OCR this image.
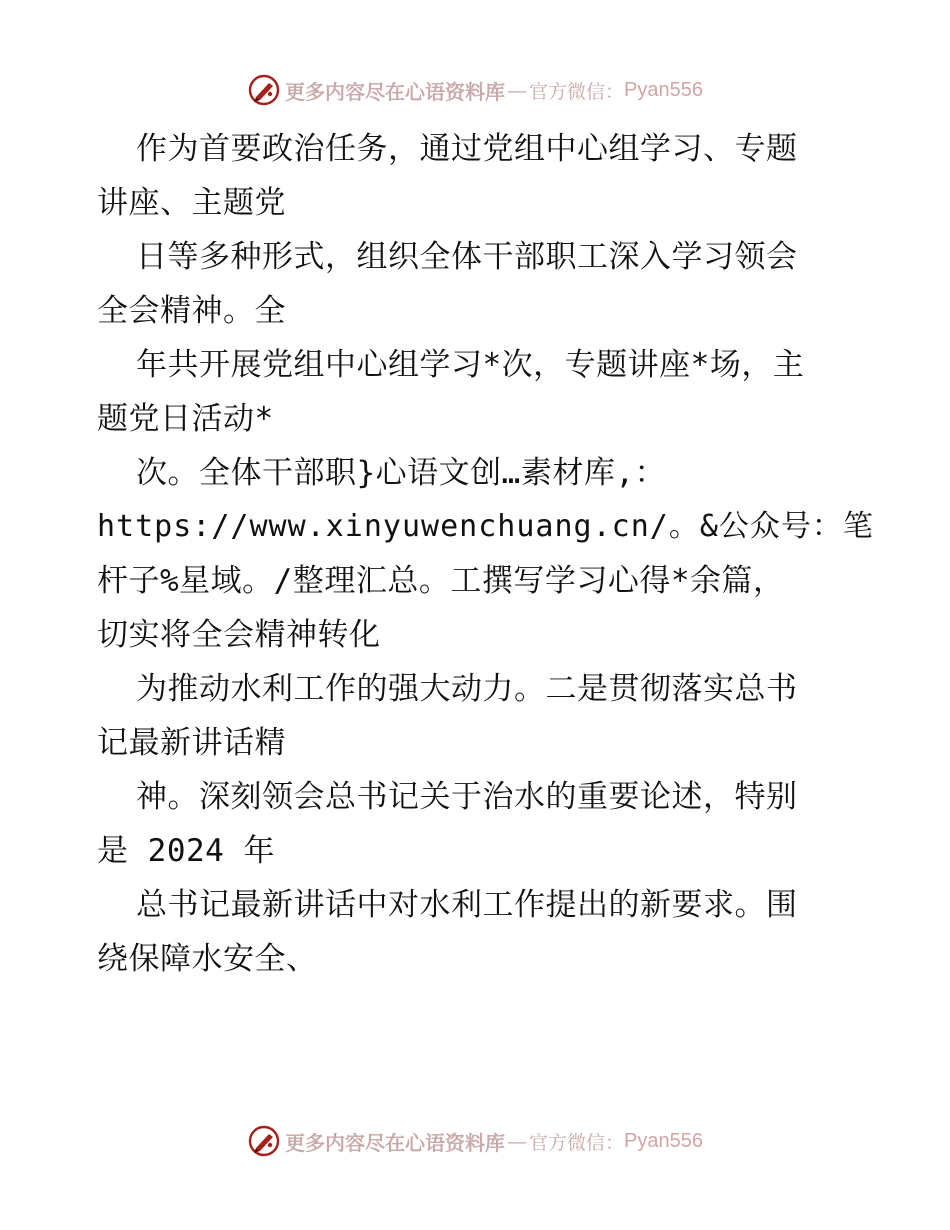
更多内容尽在心语资料库 — 官方微信： Pyan556
作为首要政治任务，通过党组中心组学习、专题
讲座、主题党
日等多种形式，组织全体干部职工深入学习领会
全会精神。全
年共开展党组中心组学习*次，专题讲座*场，主
题党日活动*
次。全体干部职}心语文创…素材库,：
https://www.xinyuwenchuang.cn/。&公众号：笔
杆子%星域。/整理汇总。工撰写学习心得*余篇，
切实将全会精神转化
为推动水利工作的强大动力。二是贯彻落实总书
记最新讲话精
神。深刻领会总书记关于治水的重要论述，特别
是 2024 年
总书记最新讲话中对水利工作提出的新要求。围
绕保障水安全、
更多内容尽在心语资料库 — 官方微信： Pyan556
